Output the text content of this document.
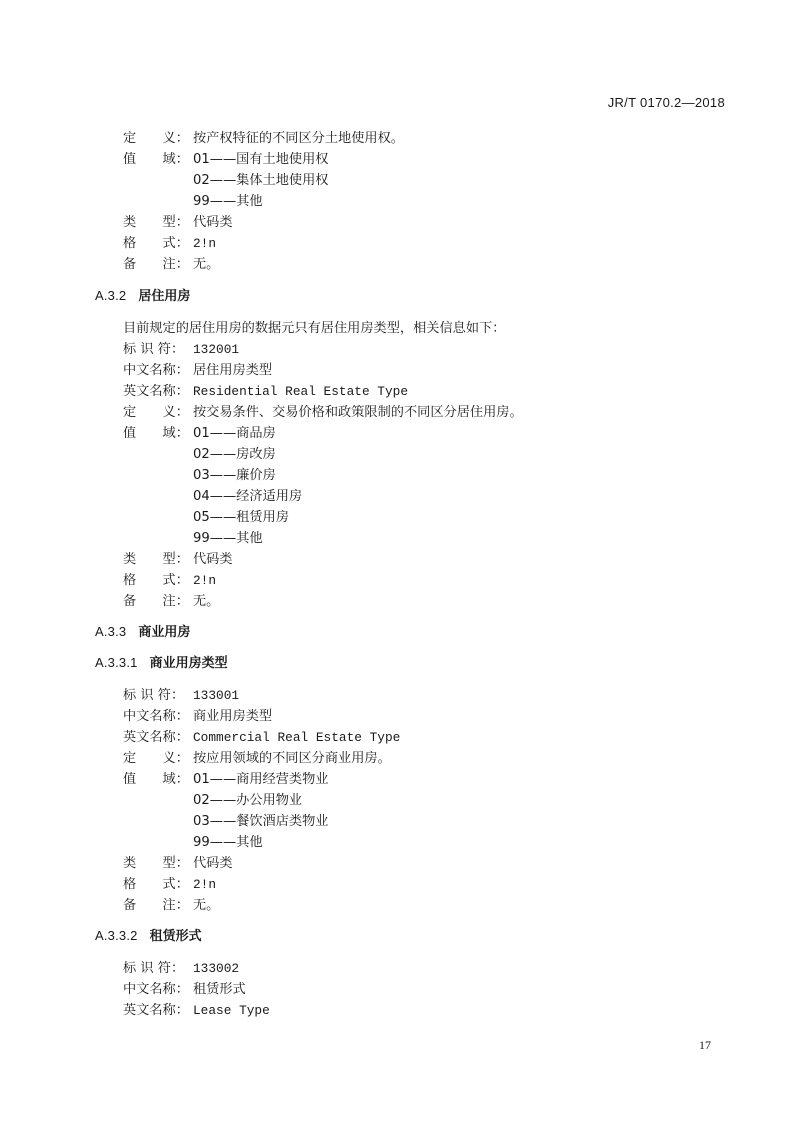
JR/T 0170.2—2018
定　　义： 按产权特征的不同区分土地使用权。
值　　域： 01——国有土地使用权
02——集体土地使用权
99——其他
类　　型： 代码类
格　　式： 2!n
备　　注： 无。
A.3.2 居住用房
目前规定的居住用房的数据元只有居住用房类型，相关信息如下：
标 识 符： 132001
中文名称： 居住用房类型
英文名称： Residential Real Estate Type
定　　义： 按交易条件、交易价格和政策限制的不同区分居住用房。
值　　域： 01——商品房
02——房改房
03——廉价房
04——经济适用房
05——租赁用房
99——其他
类　　型： 代码类
格　　式： 2!n
备　　注： 无。
A.3.3 商业用房
A.3.3.1 商业用房类型
标 识 符： 133001
中文名称： 商业用房类型
英文名称： Commercial Real Estate Type
定　　义： 按应用领域的不同区分商业用房。
值　　域： 01——商用经营类物业
02——办公用物业
03——餐饮酒店类物业
99——其他
类　　型： 代码类
格　　式： 2!n
备　　注： 无。
A.3.3.2 租赁形式
标 识 符： 133002
中文名称： 租赁形式
英文名称： Lease Type
17
